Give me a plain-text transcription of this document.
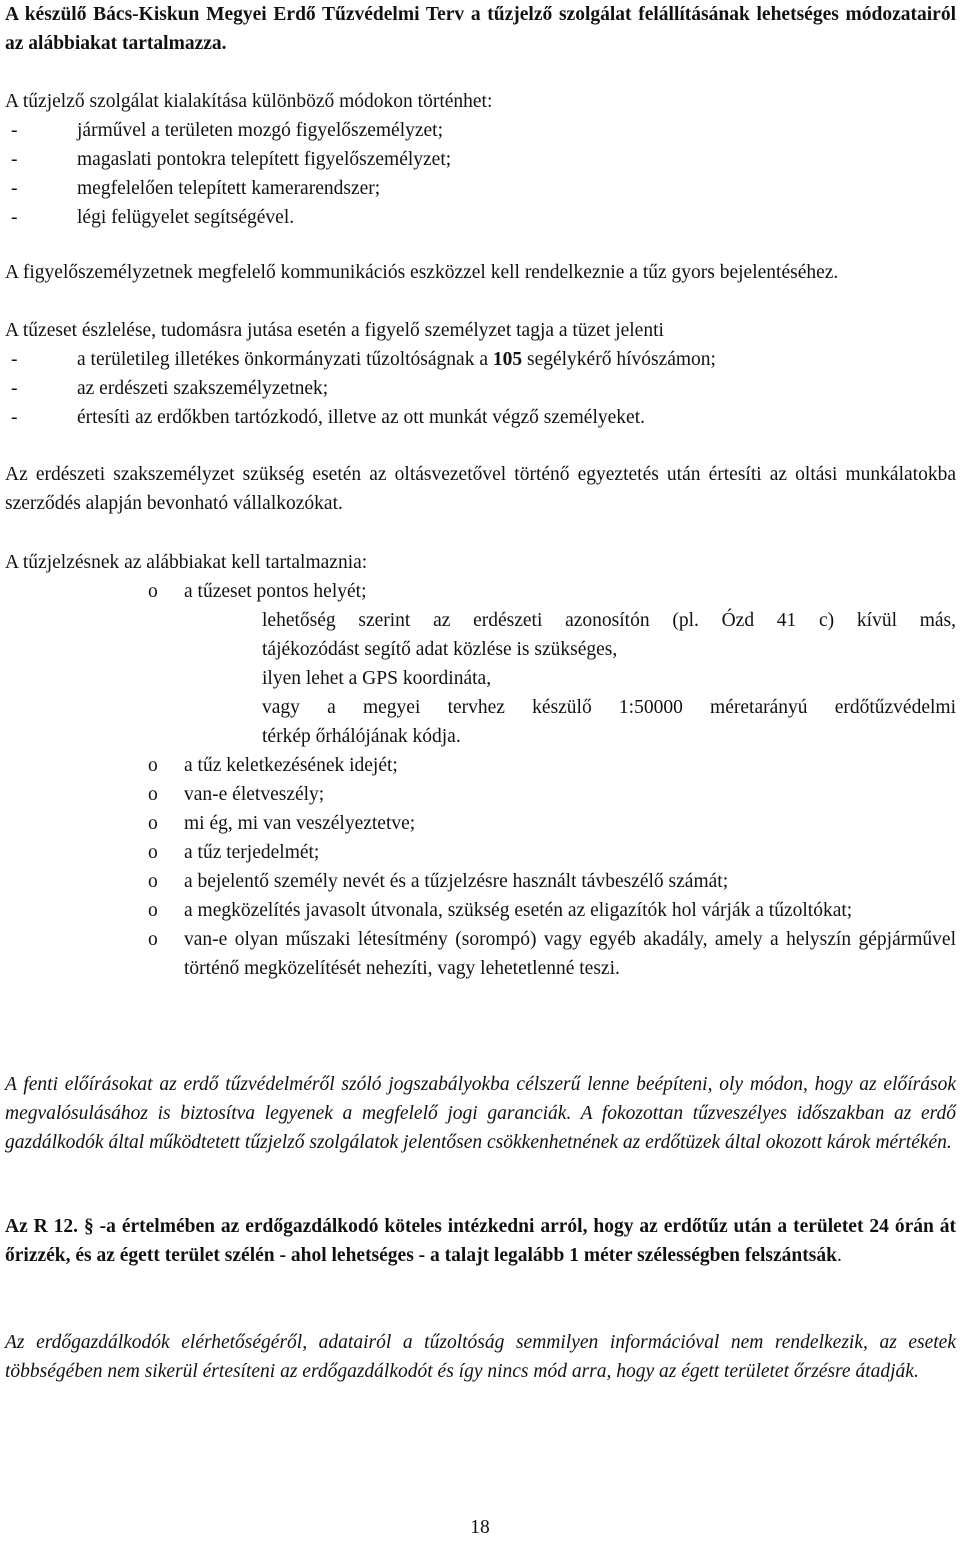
A készülő Bács-Kiskun Megyei Erdő Tűzvédelmi Terv a tűzjelző szolgálat felállításának lehetséges módozatairól az alábbiakat tartalmazza.

A tűzjelző szolgálat kialakítása különböző módokon történhet:

-	járművel a területen mozgó figyelőszemélyzet;
-	magaslati pontokra telepített figyelőszemélyzet;
-	megfelelően telepített kamerarendszer;
-	légi felügyelet segítségével.

A figyelőszemélyzetnek megfelelő kommunikációs eszközzel kell rendelkeznie a tűz gyors bejelentéséhez.

A tűzeset észlelése, tudomásra jutása esetén a figyelő személyzet tagja a tüzet jelenti

-	a területileg illetékes önkormányzati tűzoltóságnak a 105 segélykérő hívószámon;
-	az erdészeti szakszemélyzetnek;
-	értesíti az erdőkben tartózkodó, illetve az ott munkát végző személyeket.

Az erdészeti szakszemélyzet szükség esetén az oltásvezetővel történő egyeztetés után értesíti az oltási munkálatokba szerződés alapján bevonható vállalkozókat.

A tűzjelzésnek az alábbiakat kell tartalmaznia:

o a tűzeset pontos helyét;
lehetőség szerint az erdészeti azonosítón (pl. Ózd 41 c) kívül más,
tájékozódást segítő adat közlése is szükséges,
ilyen lehet a GPS koordináta,
vagy a megyei tervhez készülő 1:50000 méretarányú erdőtűzvédelmi
térkép őrhálójának kódja.
o a tűz keletkezésének idejét;
o van-e életveszély;
o mi ég, mi van veszélyeztetve;
o a tűz terjedelmét;
o a bejelentő személy nevét és a tűzjelzésre használt távbeszélő számát;
o a megközelítés javasolt útvonala, szükség esetén az eligazítók hol várják a tűzoltókat;
o van-e olyan műszaki létesítmény (sorompó) vagy egyéb akadály, amely a helyszín gépjárművel történő megközelítését nehezíti, vagy lehetetlenné teszi.

A fenti előírásokat az erdő tűzvédelméről szóló jogszabályokba célszerű lenne beépíteni, oly módon, hogy az előírások megvalósulásához is biztosítva legyenek a megfelelő jogi garanciák. A fokozottan tűzveszélyes időszakban az erdő gazdálkodók által működtetett tűzjelző szolgálatok jelentősen csökkenhetnének az erdőtüzek által okozott károk mértékén.

Az R 12. § -a értelmében az erdőgazdálkodó köteles intézkedni arról, hogy az erdőtűz után a területet 24 órán át őrizzék, és az égett terület szélén - ahol lehetséges - a talajt legalább 1 méter szélességben felszántsák.

Az erdőgazdálkodók elérhetőségéről, adatairól a tűzoltóság semmilyen információval nem rendelkezik, az esetek többségében nem sikerül értesíteni az erdőgazdálkodót és így nincs mód arra, hogy az égett területet őrzésre átadják.

18
